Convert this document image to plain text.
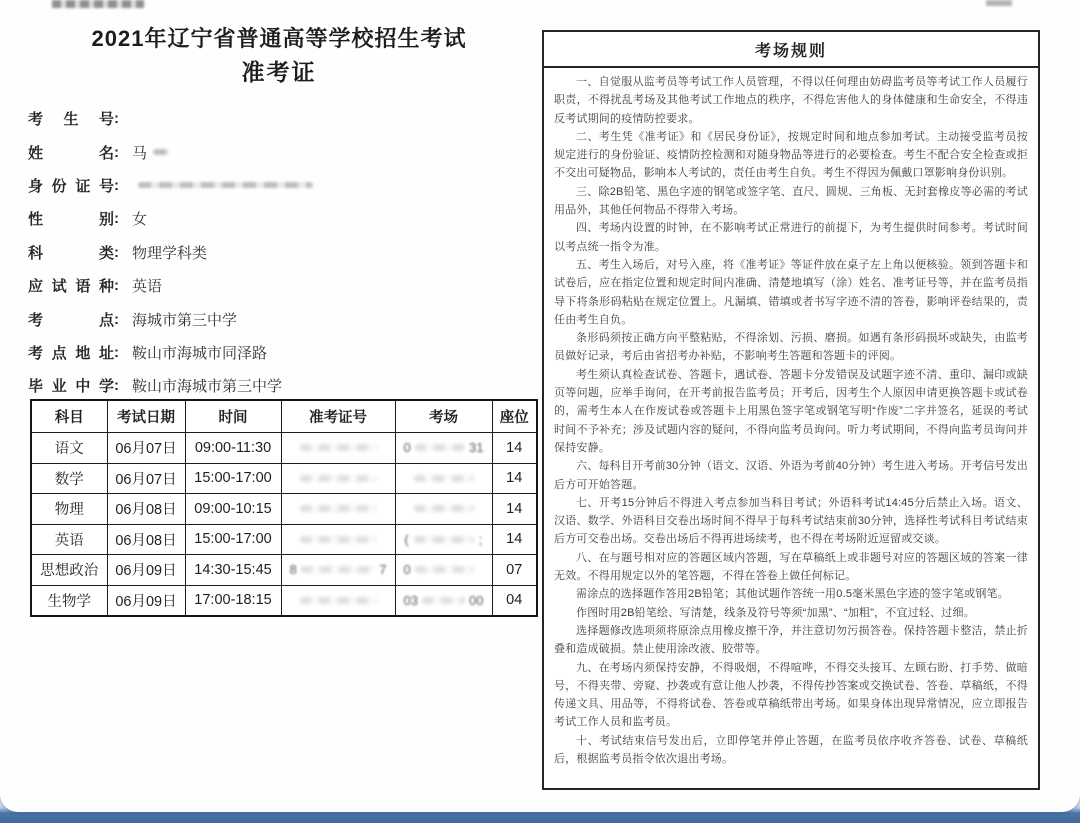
2021年辽宁省普通高等学校招生考试
准考证
考生号 :
姓名 : 马
身份证号 :
性别 : 女
科类 : 物理学科类
应试语种 : 英语
考点 : 海城市第三中学
考点地址 : 鞍山市海城市同泽路
毕业中学 : 鞍山市海城市第三中学
科目	考试日期	时间	准考证号	考场	座位
语文	06月07日	09:00-11:30		0 31	14
数学	06月07日	15:00-17:00			14
物理	06月08日	09:00-10:15			14
英语	06月08日	15:00-17:00		( ;	14
思想政治	06月09日	14:30-15:45	8 7	0	07
生物学	06月09日	17:00-18:15		03 00	04
考场规则

一、自觉服从监考员等考试工作人员管理，不得以任何理由妨碍监考员等考试工作人员履行职责，不得扰乱考场及其他考试工作地点的秩序，不得危害他人的身体健康和生命安全，不得违反考试期间的疫情防控要求。

二、考生凭《准考证》和《居民身份证》，按规定时间和地点参加考试。主动接受监考员按规定进行的身份验证、疫情防控检测和对随身物品等进行的必要检查。考生不配合安全检查或拒不交出可疑物品，影响本人考试的，责任由考生自负。考生不得因为佩戴口罩影响身份识别。

三、除2B铅笔、黑色字迹的钢笔或签字笔、直尺、圆规、三角板、无封套橡皮等必需的考试用品外，其他任何物品不得带入考场。

四、考场内设置的时钟，在不影响考试正常进行的前提下，为考生提供时间参考。考试时间以考点统一指令为准。

五、考生入场后，对号入座，将《准考证》等证件放在桌子左上角以便核验。领到答题卡和试卷后，应在指定位置和规定时间内准确、清楚地填写（涂）姓名、准考证号等，并在监考员指导下将条形码粘贴在规定位置上。凡漏填、错填或者书写字迹不清的答卷，影响评卷结果的，责任由考生自负。

条形码须按正确方向平整粘贴，不得涂划、污损、磨损。如遇有条形码损坏或缺失，由监考员做好记录，考后由省招考办补贴，不影响考生答题和答题卡的评阅。

考生须认真检查试卷、答题卡，遇试卷、答题卡分发错误及试题字迹不清、重印、漏印或缺页等问题，应举手询问，在开考前报告监考员；开考后，因考生个人原因申请更换答题卡或试卷的，需考生本人在作废试卷或答题卡上用黑色签字笔或钢笔写明“作废”二字并签名，延误的考试时间不予补充；涉及试题内容的疑问，不得向监考员询问。听力考试期间，不得向监考员询问并保持安静。

六、每科目开考前30分钟（语文、汉语、外语为考前40分钟）考生进入考场。开考信号发出后方可开始答题。

七、开考15分钟后不得进入考点参加当科目考试；外语科考试14:45分后禁止入场。语文、汉语、数学、外语科目交卷出场时间不得早于每科考试结束前30分钟，选择性考试科目考试结束后方可交卷出场。交卷出场后不得再进场续考，也不得在考场附近逗留或交谈。

八、在与题号相对应的答题区域内答题，写在草稿纸上或非题号对应的答题区域的答案一律无效。不得用规定以外的笔答题，不得在答卷上做任何标记。

需涂点的选择题作答用2B铅笔；其他试题作答统一用0.5毫米黑色字迹的签字笔或钢笔。

作图时用2B铅笔绘、写清楚，线条及符号等须“加黑”、“加粗”，不宜过轻、过细。

选择题修改选项须将原涂点用橡皮擦干净，并注意切勿污损答卷。保持答题卡整洁，禁止折叠和造成破损。禁止使用涂改液、胶带等。

九、在考场内须保持安静，不得吸烟，不得喧哗，不得交头接耳、左顾右盼、打手势、做暗号，不得夹带、旁窥、抄袭或有意让他人抄袭，不得传抄答案或交换试卷、答卷、草稿纸，不得传递文具、用品等，不得将试卷、答卷或草稿纸带出考场。如果身体出现异常情况，应立即报告考试工作人员和监考员。

十、考试结束信号发出后，立即停笔并停止答题，在监考员依序收齐答卷、试卷、草稿纸后，根据监考员指令依次退出考场。
